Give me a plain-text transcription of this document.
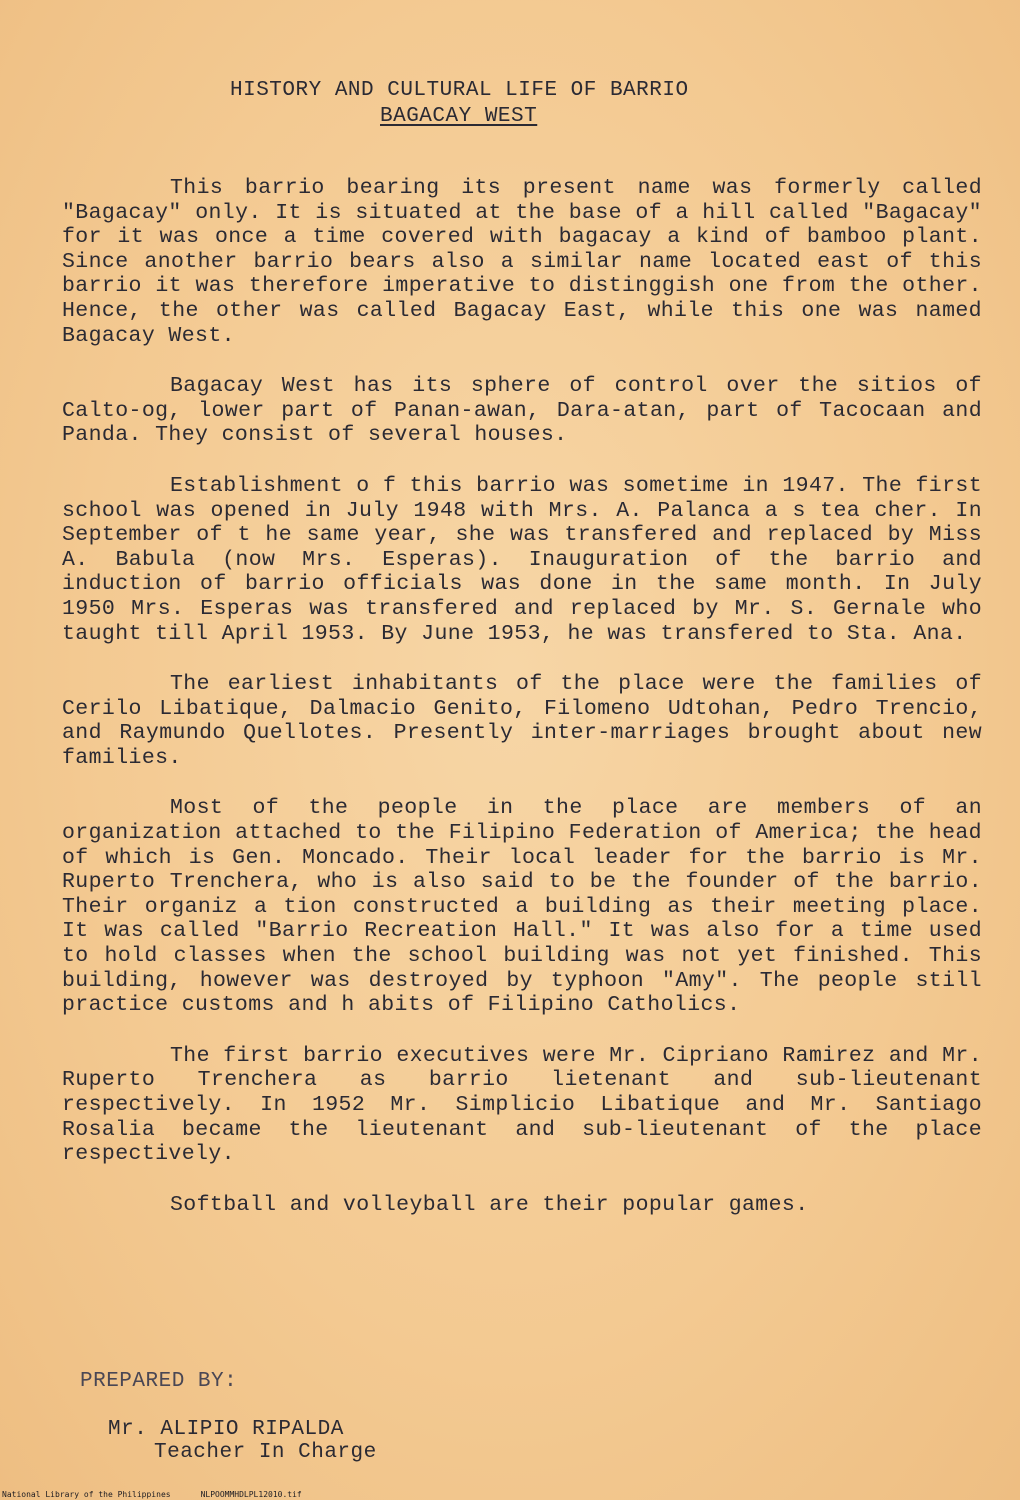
HISTORY AND CULTURAL LIFE OF BARRIO
BAGACAY WEST

This barrio bearing its present name was formerly called "Bagacay" only. It is situated at the base of a hill called "Bagacay" for it was once a time covered with bagacay a kind of bamboo plant. Since another barrio bears also a similar name located east of this barrio it was therefore imperative to distinggish one from the other. Hence, the other was called Bagacay East, while this one was named Bagacay West.

Bagacay West has its sphere of control over the sitios of Calto-og, lower part of Panan-awan, Dara-atan, part of Tacocaan and Panda. They consist of several houses.

Establishment o f this barrio was sometime in 1947. The first school was opened in July 1948 with Mrs. A. Palanca a s tea cher. In September of t he same year, she was transfered and replaced by Miss A. Babula (now Mrs. Esperas). Inauguration of the barrio and induction of barrio officials was done in the same month. In July 1950 Mrs. Esperas was transfered and replaced by Mr. S. Gernale who taught till April 1953. By June 1953, he was transfered to Sta. Ana.

The earliest inhabitants of the place were the families of Cerilo Libatique, Dalmacio Genito, Filomeno Udtohan, Pedro Trencio, and Raymundo Quellotes. Presently inter-marriages brought about new families.

Most of the people in the place are members of an organization attached to the Filipino Federation of America; the head of which is Gen. Moncado. Their local leader for the barrio is Mr. Ruperto Trenchera, who is also said to be the founder of the barrio. Their organiz a tion constructed a building as their meeting place. It was called "Barrio Recreation Hall." It was also for a time used to hold classes when the school building was not yet finished. This building, however was destroyed by typhoon "Amy". The people still practice customs and h abits of Filipino Catholics.

The first barrio executives were Mr. Cipriano Ramirez and Mr. Ruperto Trenchera as barrio lietenant and sub-lieutenant respectively. In 1952 Mr. Simplicio Libatique and Mr. Santiago Rosalia became the lieutenant and sub-lieutenant of the place respectively.

Softball and volleyball are their popular games.

PREPARED BY:
Mr. ALIPIO RIPALDA
Teacher In Charge
National Library of the Philippines	NLPOOMMHDLPL12010.tif
